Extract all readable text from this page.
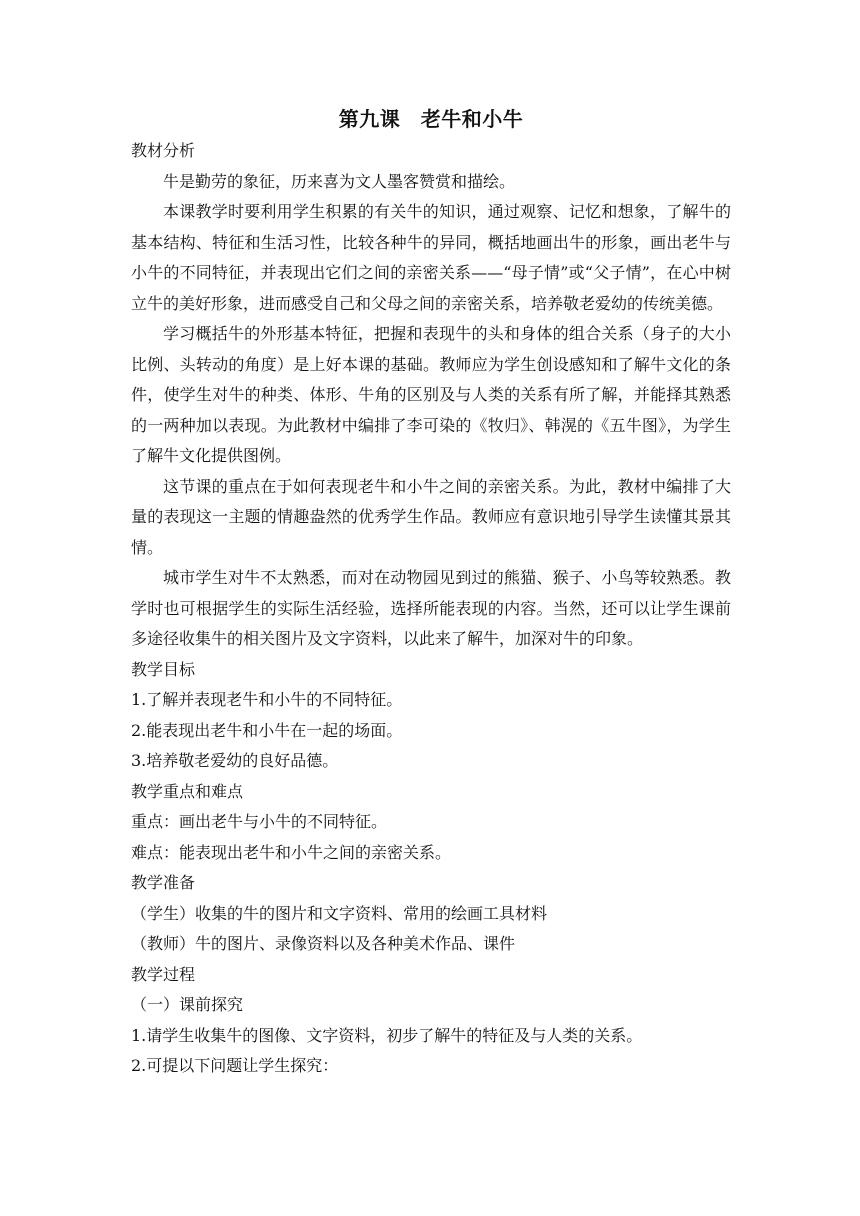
第九课　老牛和小牛
教材分析

牛是勤劳的象征，历来喜为文人墨客赞赏和描绘。

本课教学时要利用学生积累的有关牛的知识，通过观察、记忆和想象，了解牛的基本结构、特征和生活习性，比较各种牛的异同，概括地画出牛的形象，画出老牛与小牛的不同特征，并表现出它们之间的亲密关系——“母子情”或“父子情”，在心中树立牛的美好形象，进而感受自己和父母之间的亲密关系，培养敬老爱幼的传统美德。

学习概括牛的外形基本特征，把握和表现牛的头和身体的组合关系（身子的大小比例、头转动的角度）是上好本课的基础。教师应为学生创设感知和了解牛文化的条件，使学生对牛的种类、体形、牛角的区别及与人类的关系有所了解，并能择其熟悉的一两种加以表现。为此教材中编排了李可染的《牧归》、韩滉的《五牛图》，为学生了解牛文化提供图例。

这节课的重点在于如何表现老牛和小牛之间的亲密关系。为此，教材中编排了大量的表现这一主题的情趣盎然的优秀学生作品。教师应有意识地引导学生读懂其景其情。

城市学生对牛不太熟悉，而对在动物园见到过的熊猫、猴子、小鸟等较熟悉。教学时也可根据学生的实际生活经验，选择所能表现的内容。当然，还可以让学生课前多途径收集牛的相关图片及文字资料，以此来了解牛，加深对牛的印象。

教学目标

1.了解并表现老牛和小牛的不同特征。

2.能表现出老牛和小牛在一起的场面。

3.培养敬老爱幼的良好品德。

教学重点和难点

重点：画出老牛与小牛的不同特征。

难点：能表现出老牛和小牛之间的亲密关系。

教学准备

（学生）收集的牛的图片和文字资料、常用的绘画工具材料

（教师）牛的图片、录像资料以及各种美术作品、课件

教学过程

（一）课前探究

1.请学生收集牛的图像、文字资料，初步了解牛的特征及与人类的关系。

2.可提以下问题让学生探究：
